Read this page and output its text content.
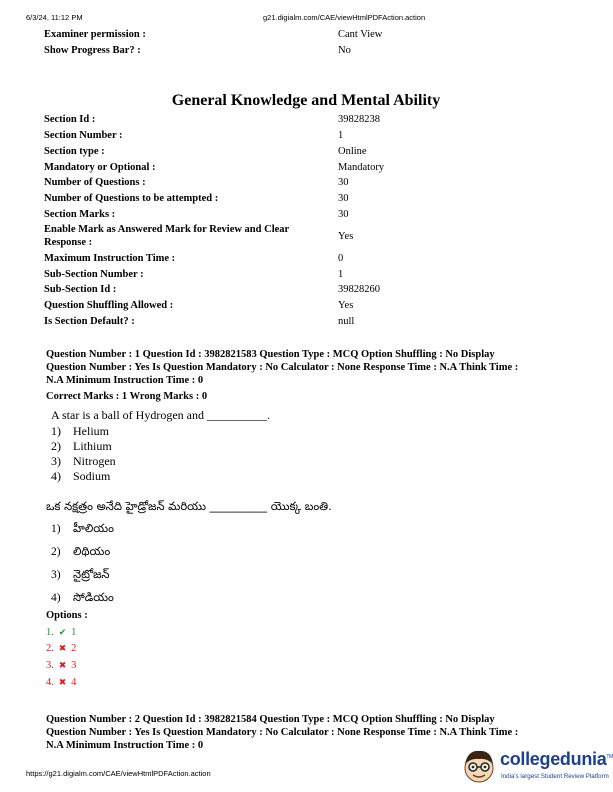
6/3/24, 11:12 PM	g21.digialm.com/CAE/viewHtmlPDFAction.action
Examiner permission :	Cant View
Show Progress Bar? :	No
General Knowledge and Mental Ability
Section Id :	39828238
Section Number :	1
Section type :	Online
Mandatory or Optional :	Mandatory
Number of Questions :	30
Number of Questions to be attempted :	30
Section Marks :	30
Enable Mark as Answered Mark for Review and Clear
Response :
Yes
Maximum Instruction Time :	0
Sub-Section Number :	1
Sub-Section Id :	39828260
Question Shuffling Allowed :	Yes
Is Section Default? :	null
Question Number : 1 Question Id : 3982821583 Question Type : MCQ Option Shuffling : No Display
Question Number : Yes Is Question Mandatory : No Calculator : None Response Time : N.A Think Time :
N.A Minimum Instruction Time : 0
Correct Marks : 1 Wrong Marks : 0
A star is a ball of Hydrogen and __________.
1) Helium
2) Lithium
3) Nitrogen
4) Sodium
ఒక నక్షత్రం అనేది హైడ్రోజన్ మరియు __________ యొక్క బంతి.
1) హీలియం
2) లిథియం
3) నైట్రోజన్
4) సోడియం
Options :
1. ✔ 1
2. ✖ 2
3. ✖ 3
4. ✖ 4
Question Number : 2 Question Id : 3982821584 Question Type : MCQ Option Shuffling : No Display
Question Number : Yes Is Question Mandatory : No Calculator : None Response Time : N.A Think Time :
N.A Minimum Instruction Time : 0
https://g21.digialm.com/CAE/viewHtmlPDFAction.action
collegedunia™
India's largest Student Review Platform
